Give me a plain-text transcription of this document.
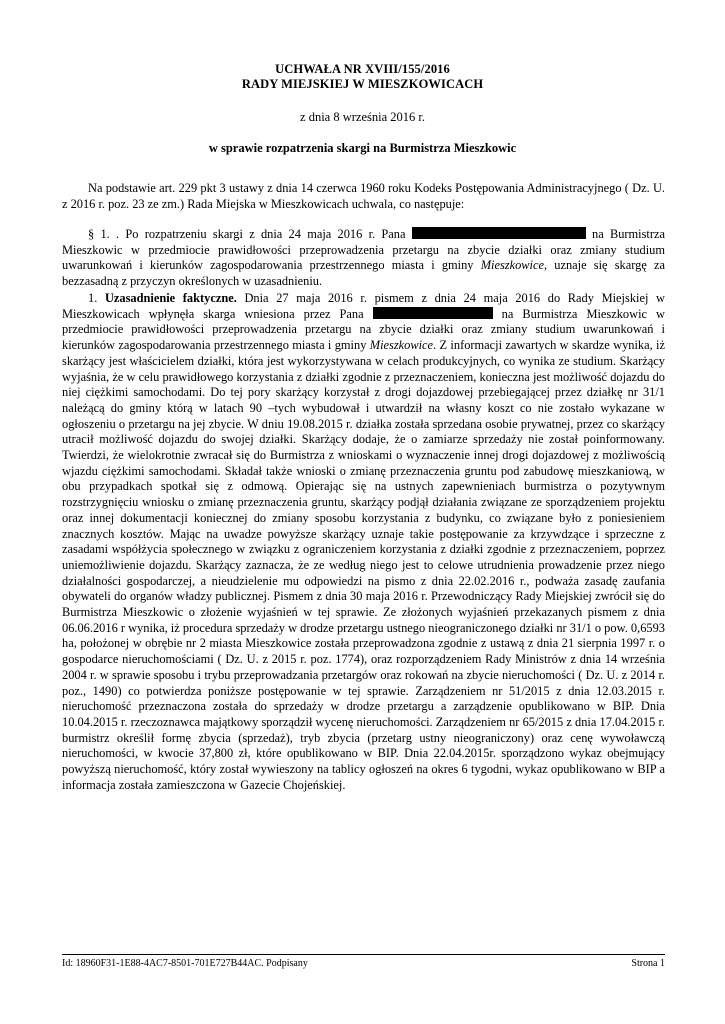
UCHWAŁA NR XVIII/155/2016
RADY MIEJSKIEJ W MIESZKOWICACH
z dnia 8 września 2016 r.
w sprawie rozpatrzenia skargi na Burmistrza Mieszkowic
Na podstawie art. 229 pkt 3 ustawy z dnia 14 czerwca 1960 roku Kodeks Postępowania Administracyjnego ( Dz. U. z 2016 r. poz. 23 ze zm.) Rada Miejska w Mieszkowicach uchwala, co następuje:
§ 1. . Po rozpatrzeniu skargi z dnia 24 maja 2016 r. Pana	na Burmistrza Mieszkowic w przedmiocie prawidłowości przeprowadzenia przetargu na zbycie działki oraz zmiany studium uwarunkowań i kierunków zagospodarowania przestrzennego miasta i gminy Mieszkowice, uznaje się skargę za bezzasadną z przyczyn określonych w uzasadnieniu.
1. Uzasadnienie faktyczne. Dnia 27 maja 2016 r. pismem z dnia 24 maja 2016 do Rady Miejskiej w Mieszkowicach wpłynęła skarga wniesiona przez Pana	na Burmistrza Mieszkowic w przedmiocie prawidłowości przeprowadzenia przetargu na zbycie działki oraz zmiany studium uwarunkowań i kierunków zagospodarowania przestrzennego miasta i gminy Mieszkowice. Z informacji zawartych w skardze wynika, iż skarżący jest właścicielem działki, która jest wykorzystywana w celach produkcyjnych, co wynika ze studium. Skarżący wyjaśnia, że w celu prawidłowego korzystania z działki zgodnie z przeznaczeniem, konieczna jest możliwość dojazdu do niej ciężkimi samochodami. Do tej pory skarżący korzystał z drogi dojazdowej przebiegającej przez działkę nr 31/1 należącą do gminy którą w latach 90 –tych wybudował i utwardził na własny koszt co nie zostało wykazane w ogłoszeniu o przetargu na jej zbycie. W dniu 19.08.2015 r. działka została sprzedana osobie prywatnej, przez co skarżący utracił możliwość dojazdu do swojej działki. Skarżący dodaje, że o zamiarze sprzedaży nie został poinformowany. Twierdzi, że wielokrotnie zwracał się do Burmistrza z wnioskami o wyznaczenie innej drogi dojazdowej z możliwością wjazdu ciężkimi samochodami. Składał także wnioski o zmianę przeznaczenia gruntu pod zabudowę mieszkaniową, w obu przypadkach spotkał się z odmową. Opierając się na ustnych zapewnieniach burmistrza o pozytywnym rozstrzygnięciu wniosku o zmianę przeznaczenia gruntu, skarżący podjął działania związane ze sporządzeniem projektu oraz innej dokumentacji koniecznej do zmiany sposobu korzystania z budynku, co związane było z poniesieniem znacznych kosztów. Mając na uwadze powyższe skarżący uznaje takie postępowanie za krzywdzące i sprzeczne z zasadami współżycia społecznego w związku z ograniczeniem korzystania z działki zgodnie z przeznaczeniem, poprzez uniemożliwienie dojazdu. Skarżący zaznacza, że ze według niego jest to celowe utrudnienia prowadzenie przez niego działalności gospodarczej, a nieudzielenie mu odpowiedzi na pismo z dnia 22.02.2016 r., podważa zasadę zaufania obywateli do organów władzy publicznej. Pismem z dnia 30 maja 2016 r. Przewodniczący Rady Miejskiej zwrócił się do Burmistrza Mieszkowic o złożenie wyjaśnień w tej sprawie. Ze złożonych wyjaśnień przekazanych pismem z dnia 06.06.2016 r wynika, iż procedura sprzedaży w drodze przetargu ustnego nieograniczonego działki nr 31/1 o pow. 0,6593 ha, położonej w obrębie nr 2 miasta Mieszkowice została przeprowadzona zgodnie z ustawą z dnia 21 sierpnia 1997 r. o gospodarce nieruchomościami ( Dz. U. z 2015 r. poz. 1774), oraz rozporządzeniem Rady Ministrów z dnia 14 września 2004 r. w sprawie sposobu i trybu przeprowadzania przetargów oraz rokowań na zbycie nieruchomości ( Dz. U. z 2014 r. poz., 1490) co potwierdza poniższe postępowanie w tej sprawie. Zarządzeniem nr 51/2015 z dnia 12.03.2015 r. nieruchomość przeznaczona została do sprzedaży w drodze przetargu a zarządzenie opublikowano w BIP. Dnia 10.04.2015 r. rzeczoznawca majątkowy sporządził wycenę nieruchomości. Zarządzeniem nr 65/2015 z dnia 17.04.2015 r. burmistrz określił formę zbycia (sprzedaż), tryb zbycia (przetarg ustny nieograniczony) oraz cenę wywoławczą nieruchomości, w kwocie 37,800 zł, które opublikowano w BIP. Dnia 22.04.2015r. sporządzono wykaz obejmujący powyższą nieruchomość, który został wywieszony na tablicy ogłoszeń na okres 6 tygodni, wykaz opublikowano w BIP a informacja została zamieszczona w Gazecie Chojeńskiej.
Id: 18960F31-1E88-4AC7-8501-701E727B44AC. Podpisany	Strona 1
